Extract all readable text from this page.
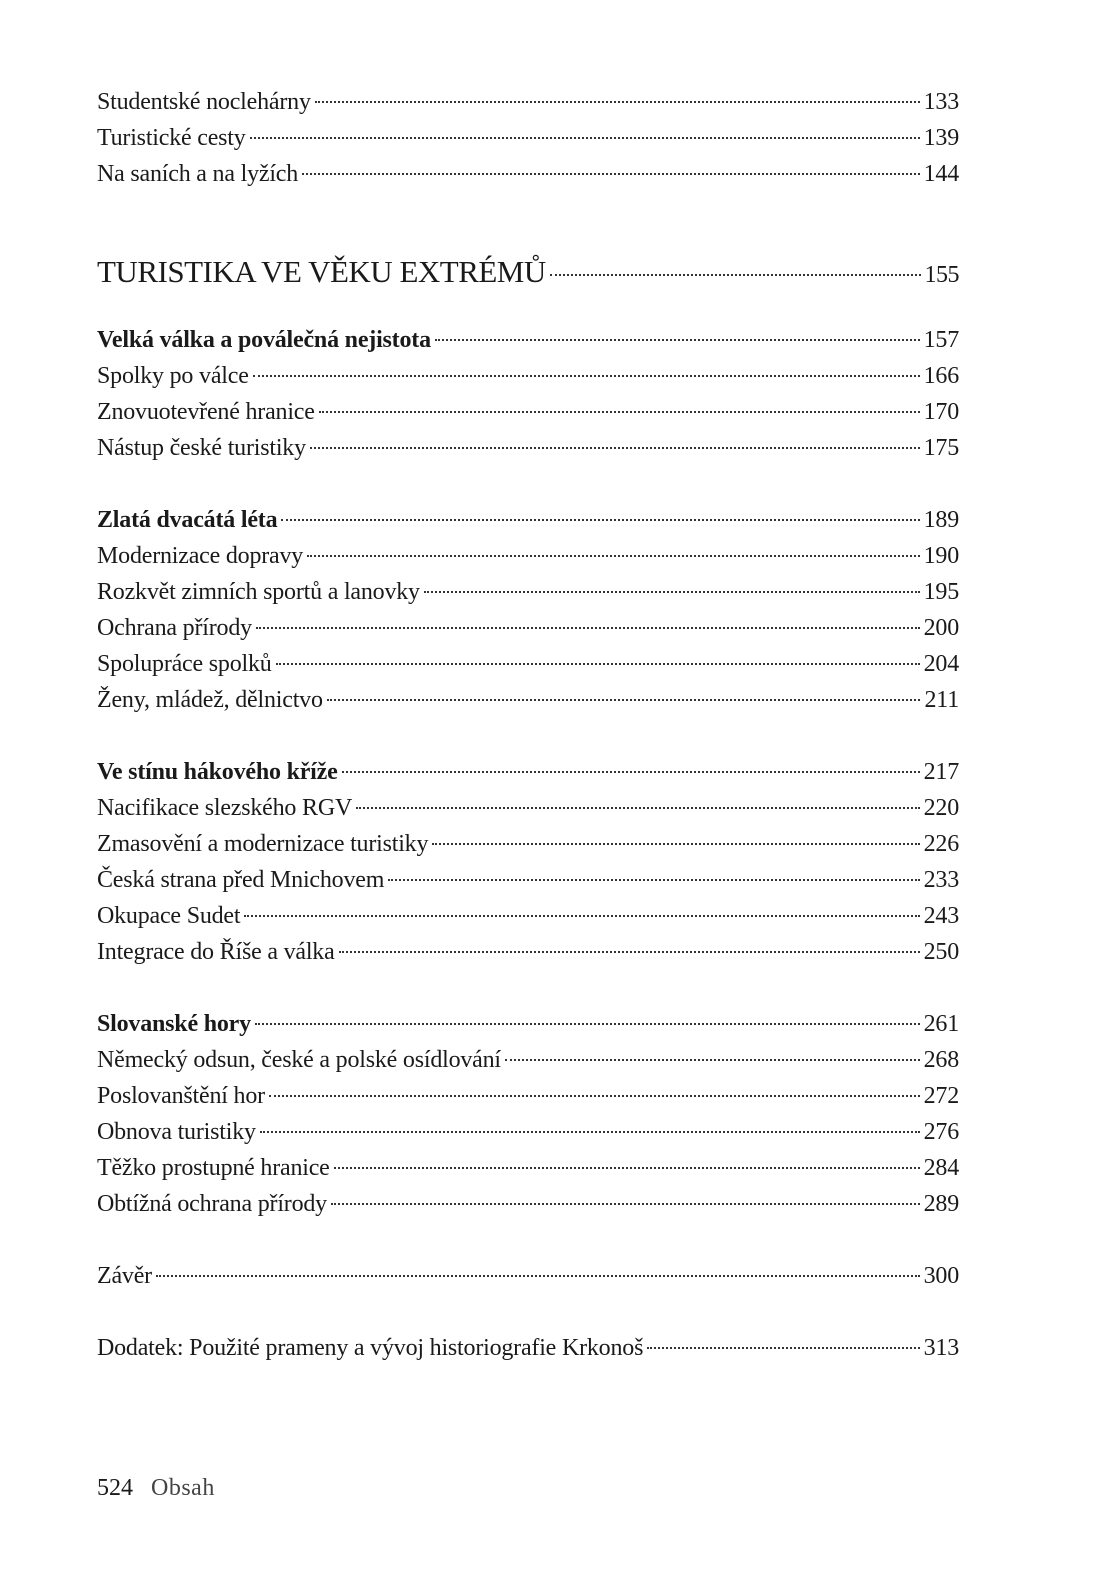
Studentské noclehárny	133
Turistické cesty	139
Na saních a na lyžích	144
TURISTIKA VE VĚKU EXTRÉMŮ	155
Velká válka a poválečná nejistota	157
Spolky po válce	166
Znovuotevřené hranice	170
Nástup české turistiky	175
Zlatá dvacátá léta	189
Modernizace dopravy	190
Rozkvět zimních sportů a lanovky	195
Ochrana přírody	200
Spolupráce spolků	204
Ženy, mládež, dělnictvo	211
Ve stínu hákového kříže	217
Nacifikace slezského RGV	220
Zmasovění a modernizace turistiky	226
Česká strana před Mnichovem	233
Okupace Sudet	243
Integrace do Říše a válka	250
Slovanské hory	261
Německý odsun, české a polské osídlování	268
Poslovanštění hor	272
Obnova turistiky	276
Těžko prostupné hranice	284
Obtížná ochrana přírody	289
Závěr	300
Dodatek: Použité prameny a vývoj historiografie Krkonoš	313
524 Obsah
